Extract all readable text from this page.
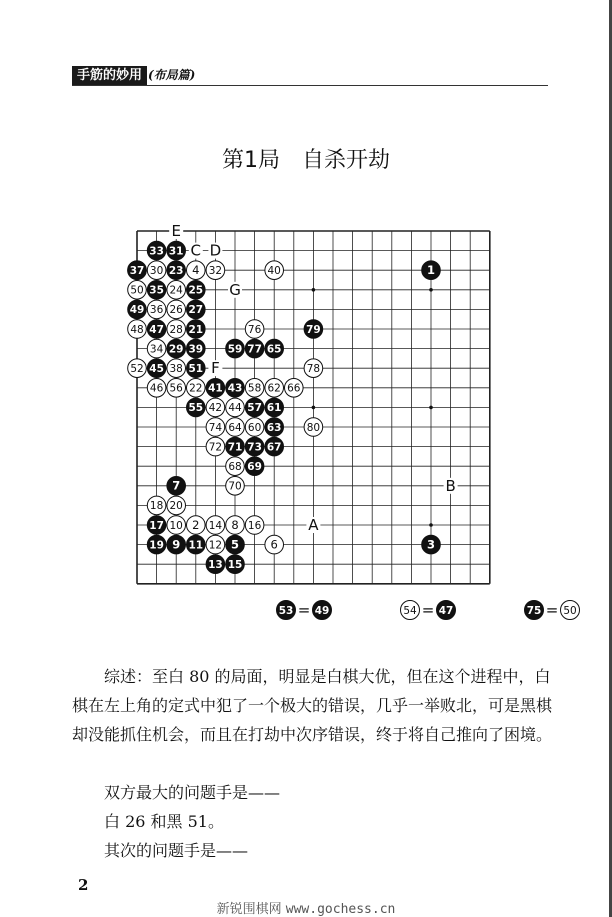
手筋的妙用 (布局篇)
第1局　自杀开劫
4 32
30
50 24
36 26
48 28
34
52 38
46 56 22	58 62 66
42 44
74 64 60	80
72
68
70
76
78
40
18 20
10 2 14 8 16
12	6
33 31
37 23
35 25
49	27
47 21
29 39
45 51
41 43
55	57 61
63
71 73 67
69
59 77 65
79
1
3
7
17
19 9 11 5
13 15
E
C D
G
F
A
B
53 = 49	54 = 47	75 = 50
综述：至白 80 的局面，明显是白棋大优，但在这个进程中，白棋在左上角的定式中犯了一个极大的错误，几乎一举败北，可是黑棋却没能抓住机会，而且在打劫中次序错误，终于将自己推向了困境。
双方最大的问题手是——
白 26 和黑 51。
其次的问题手是——
2
新锐围棋网 www.gochess.cn
